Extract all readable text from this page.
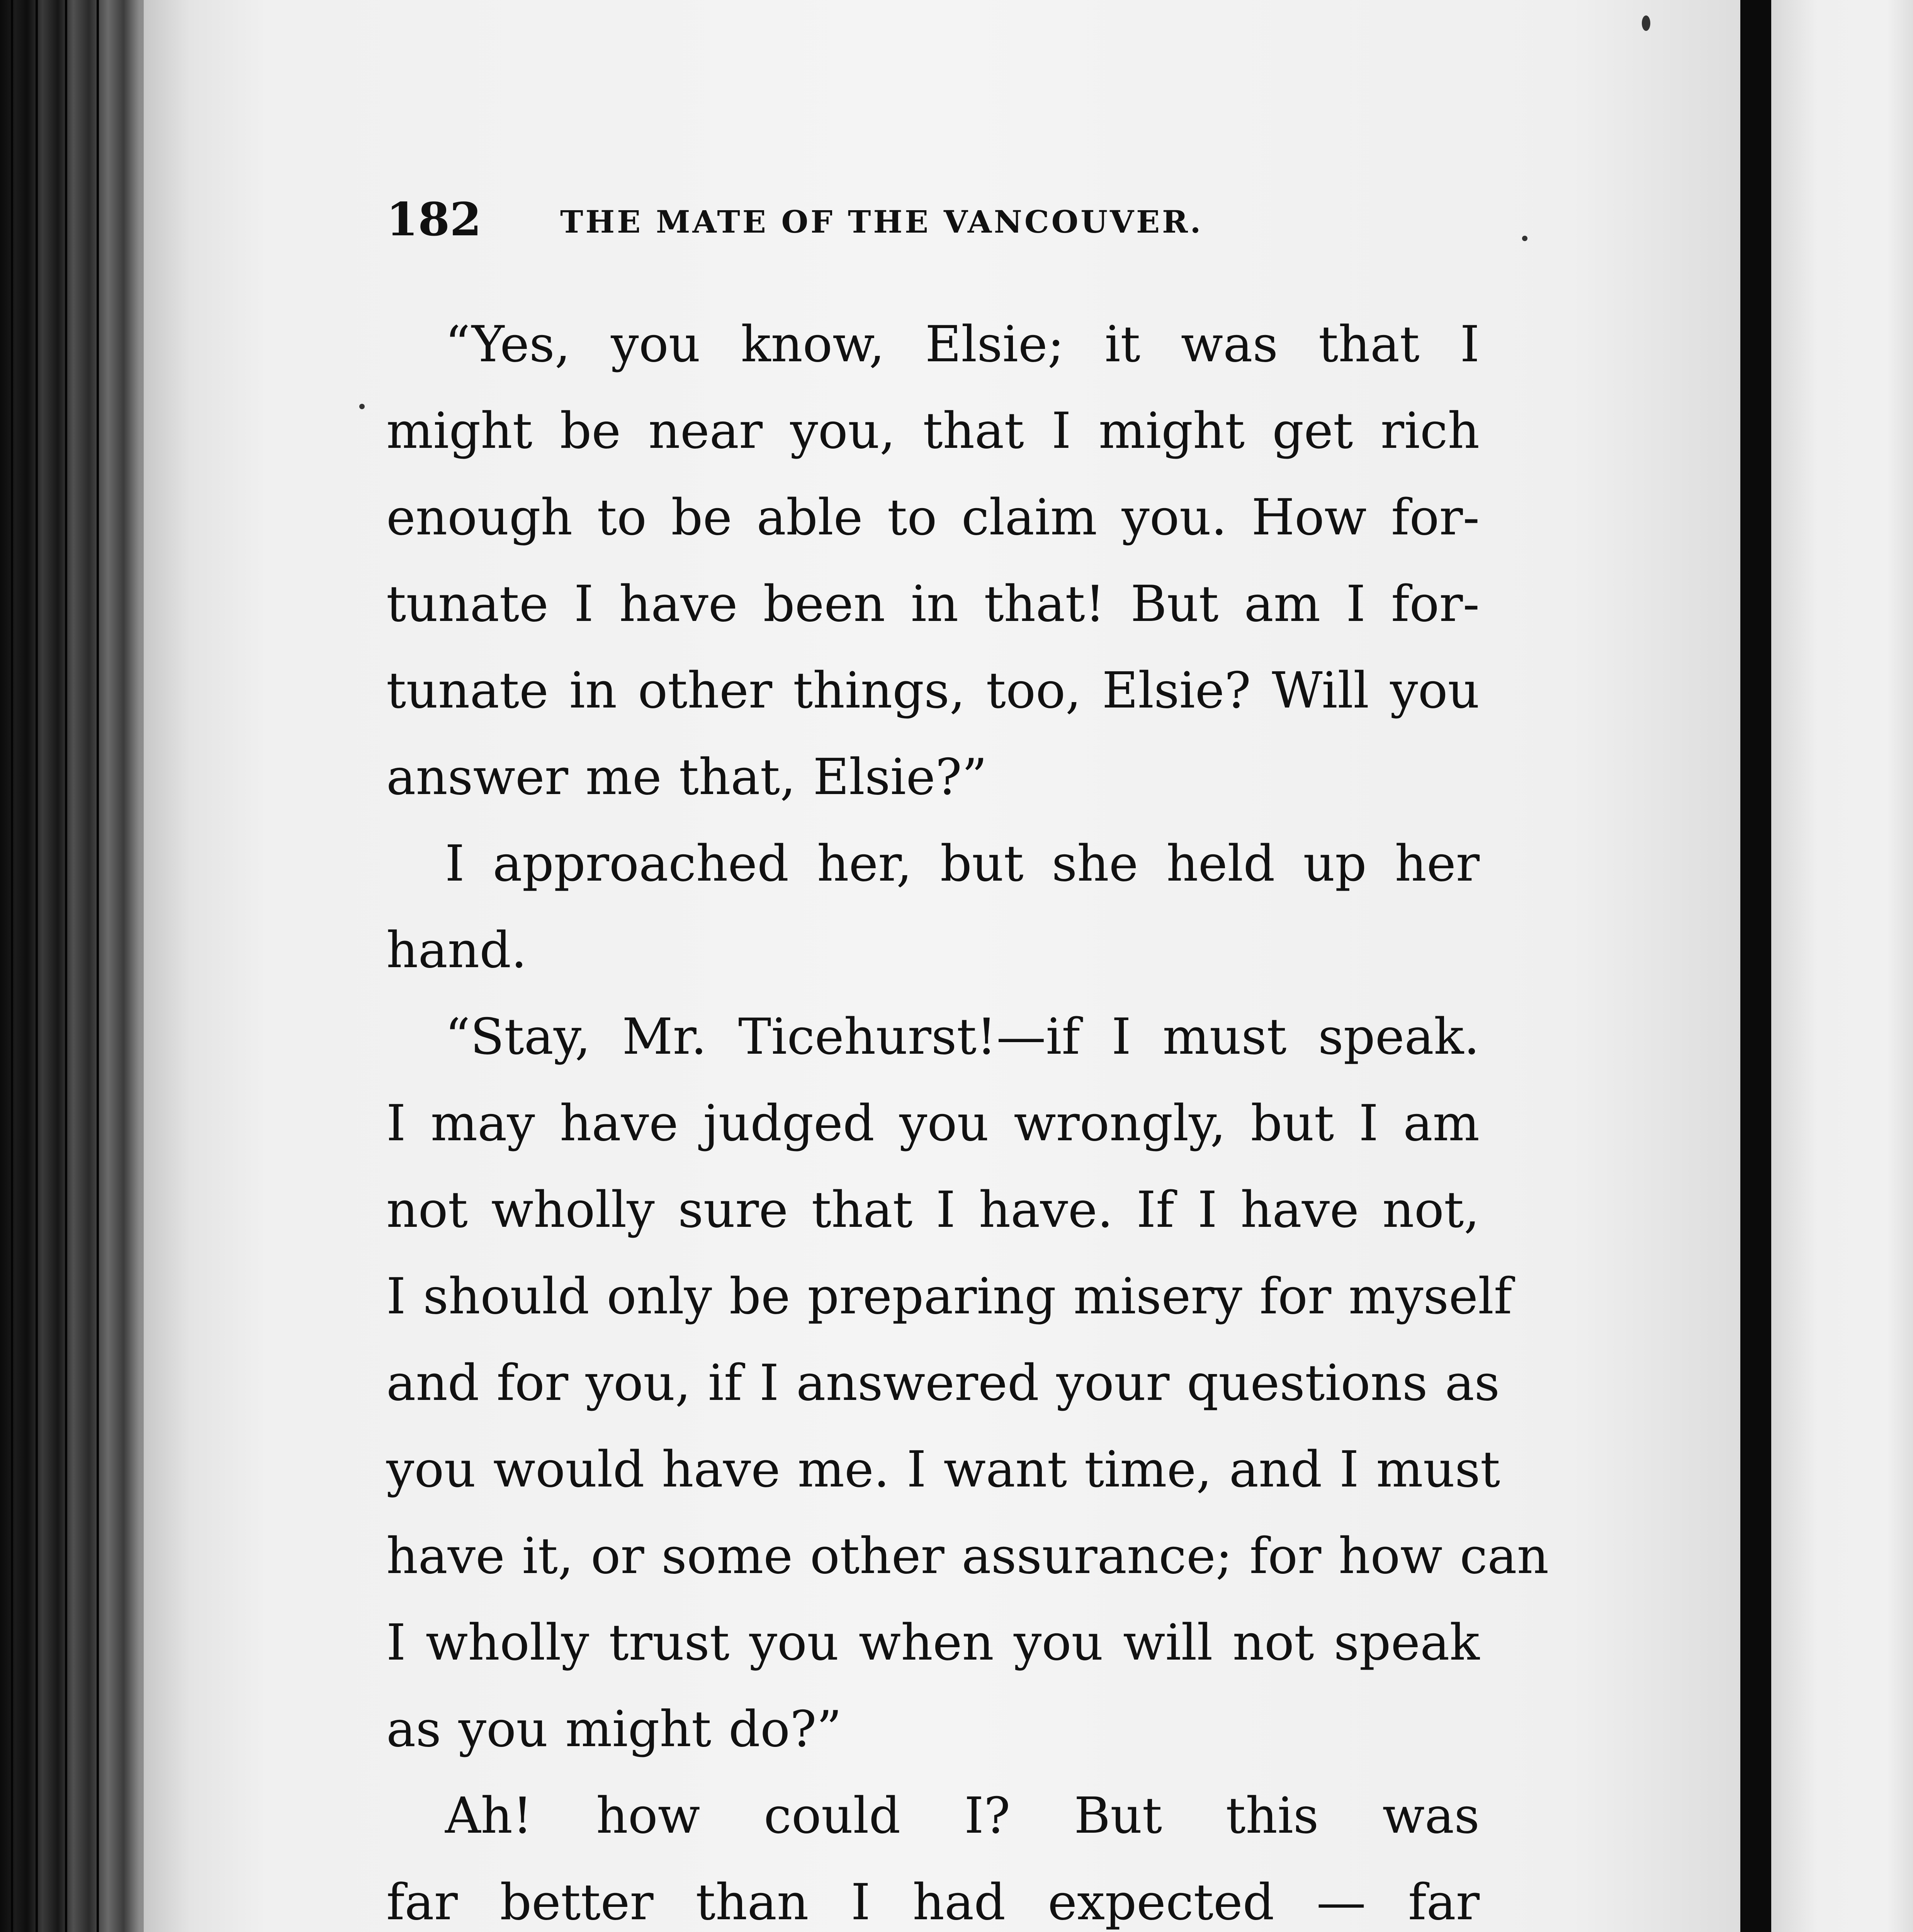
182	THE MATE OF THE VANCOUVER.
“Yes, you know, Elsie; it was that I
might be near you, that I might get rich
enough to be able to claim you. How for-
tunate I have been in that! But am I for-
tunate in other things, too, Elsie? Will you
answer me that, Elsie?”
I approached her, but she held up her
hand.
“Stay, Mr. Ticehurst!—if I must speak.
I may have judged you wrongly, but I am
not wholly sure that I have. If I have not,
I should only be preparing misery for myself
and for you, if I answered your questions as
you would have me. I want time, and I must
have it, or some other assurance; for how can
I wholly trust you when you will not speak
as you might do?”
Ah! how could I? But this was
far better than I had expected — far
